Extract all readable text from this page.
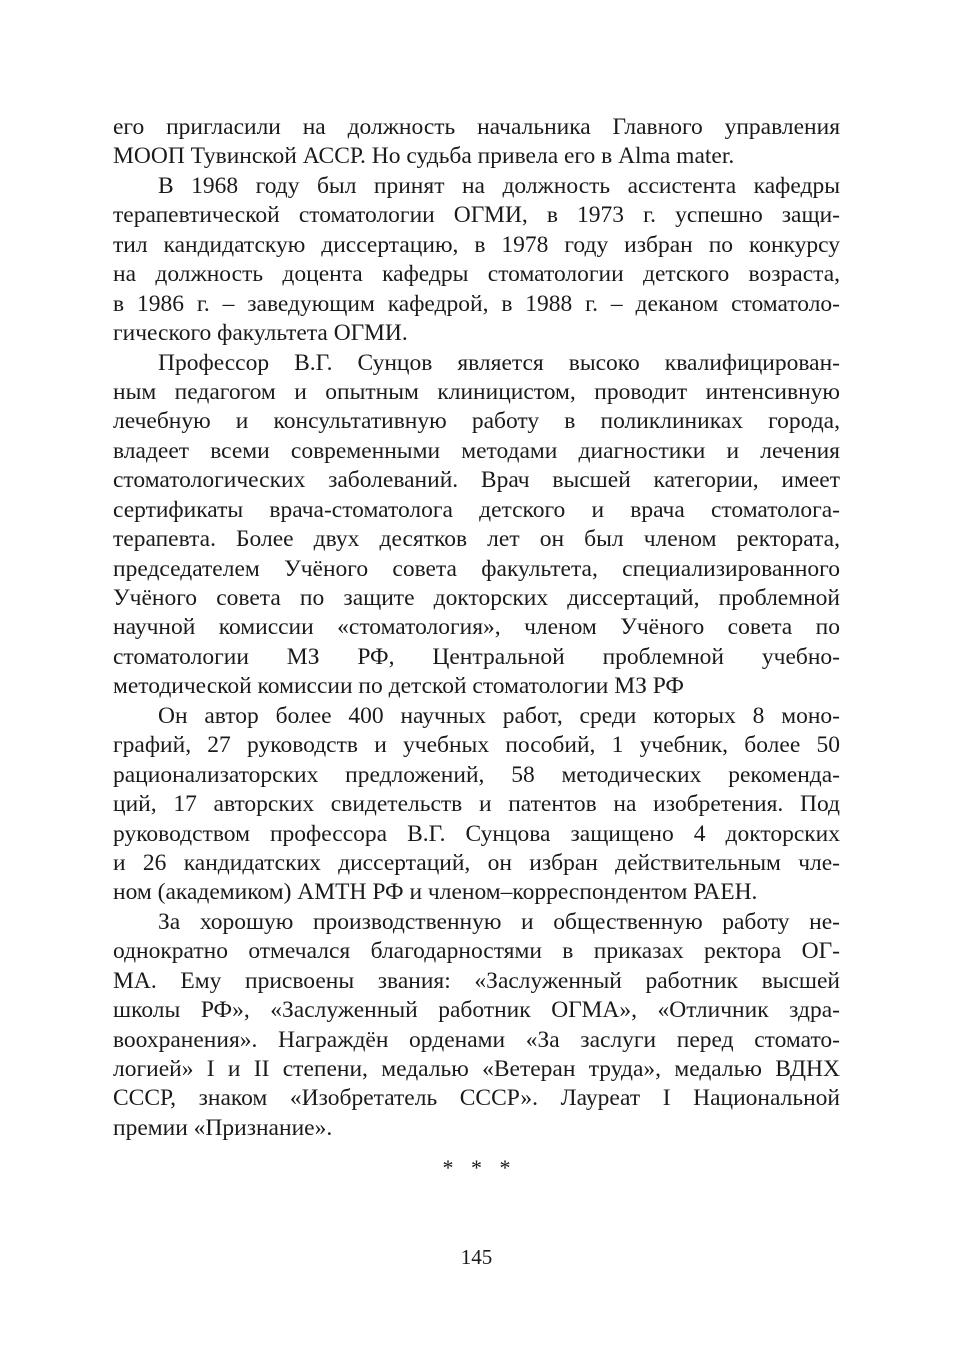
его пригласили на должность начальника Главного управления
МООП Тувинской АССР. Но судьба привела его в Alma mater.
В 1968 году был принят на должность ассистента кафедры
терапевтической стоматологии ОГМИ, в 1973 г. успешно защи-
тил кандидатскую диссертацию, в 1978 году избран по конкурсу
на должность доцента кафедры стоматологии детского возраста,
в 1986 г. – заведующим кафедрой, в 1988 г. – деканом стоматоло-
гического факультета ОГМИ.
Профессор В.Г. Сунцов является высоко квалифицирован-
ным педагогом и опытным клиницистом, проводит интенсивную
лечебную и консультативную работу в поликлиниках города,
владеет всеми современными методами диагностики и лечения
стоматологических заболеваний. Врач высшей категории, имеет
сертификаты врача-стоматолога детского и врача стоматолога-
терапевта. Более двух десятков лет он был членом ректората,
председателем Учёного совета факультета, специализированного
Учёного совета по защите докторских диссертаций, проблемной
научной комиссии «стоматология», членом Учёного совета по
стоматологии МЗ РФ, Центральной проблемной учебно-
методической комиссии по детской стоматологии МЗ РФ
Он автор более 400 научных работ, среди которых 8 моно-
графий, 27 руководств и учебных пособий, 1 учебник, более 50
рационализаторских предложений, 58 методических рекоменда-
ций, 17 авторских свидетельств и патентов на изобретения. Под
руководством профессора В.Г. Сунцова защищено 4 докторских
и 26 кандидатских диссертаций, он избран действительным чле-
ном (академиком) АМТН РФ и членом–корреспондентом РАЕН.
За хорошую производственную и общественную работу не-
однократно отмечался благодарностями в приказах ректора ОГ-
МА. Ему присвоены звания: «Заслуженный работник высшей
школы РФ», «Заслуженный работник ОГМА», «Отличник здра-
воохранения». Награждён орденами «За заслуги перед стомато-
логией» I и II степени, медалью «Ветеран труда», медалью ВДНХ
СССР, знаком «Изобретатель СССР». Лауреат I Национальной
премии «Признание».
* * *
145
